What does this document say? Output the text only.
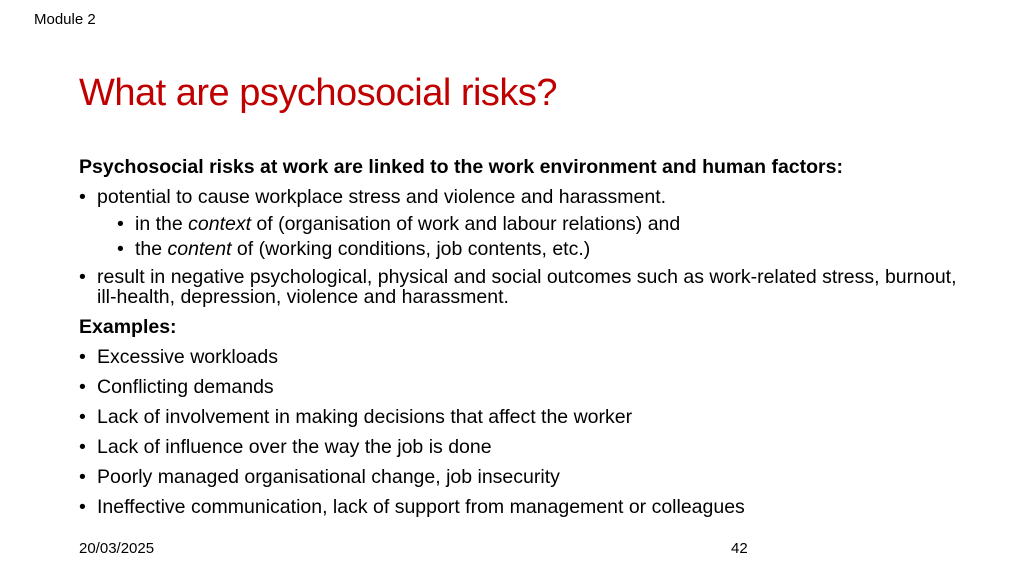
Module 2
What are psychosocial risks?
Psychosocial risks at work are linked to the work environment and human factors:
• potential to cause workplace stress and violence and harassment.
• in the context of (organisation of work and labour relations) and
• the content of (working conditions, job contents, etc.)
• result in negative psychological, physical and social outcomes such as work-related stress, burnout, ill-health, depression, violence and harassment.
Examples:
• Excessive workloads
• Conflicting demands
• Lack of involvement in making decisions that affect the worker
• Lack of influence over the way the job is done
• Poorly managed organisational change, job insecurity
• Ineffective communication, lack of support from management or colleagues
20/03/2025	42
